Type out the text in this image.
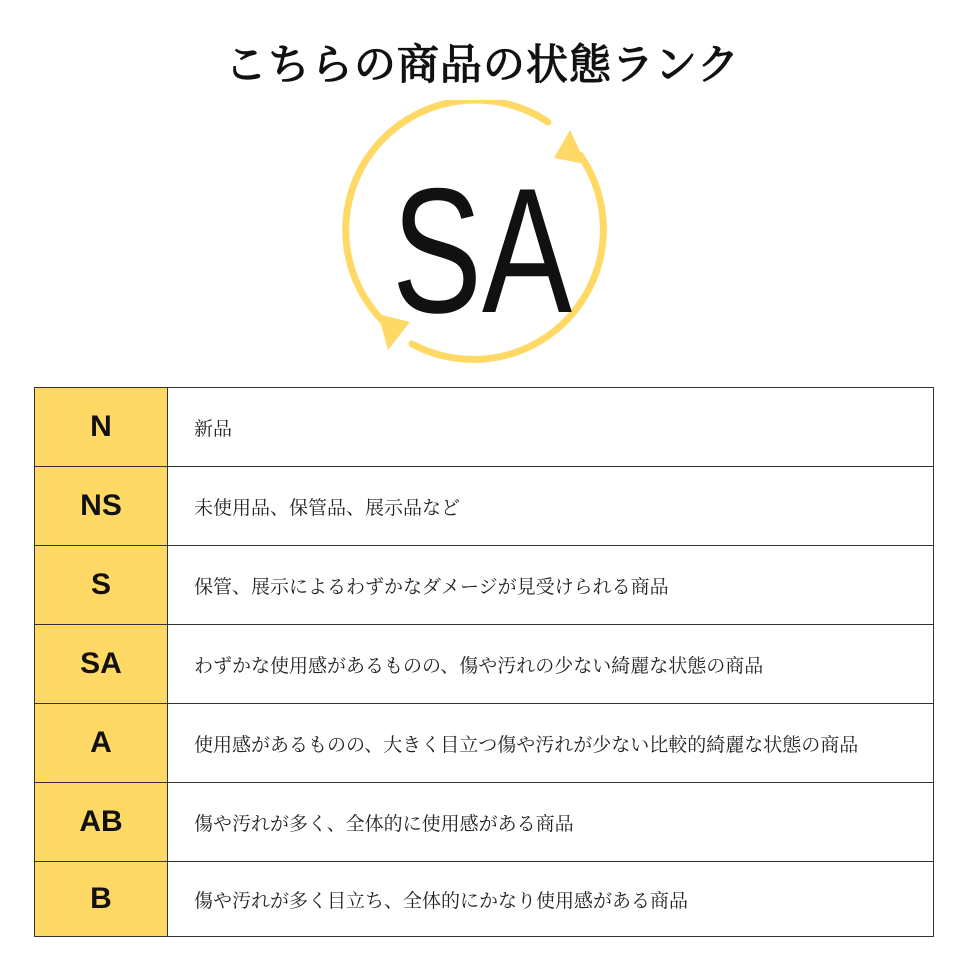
こちらの商品の状態ランク
SA
N	新品
NS	未使用品、保管品、展示品など
S	保管、展示によるわずかなダメージが見受けられる商品
SA	わずかな使用感があるものの、傷や汚れの少ない綺麗な状態の商品
A	使用感があるものの、大きく目立つ傷や汚れが少ない比較的綺麗な状態の商品
AB	傷や汚れが多く、全体的に使用感がある商品
B	傷や汚れが多く目立ち、全体的にかなり使用感がある商品
